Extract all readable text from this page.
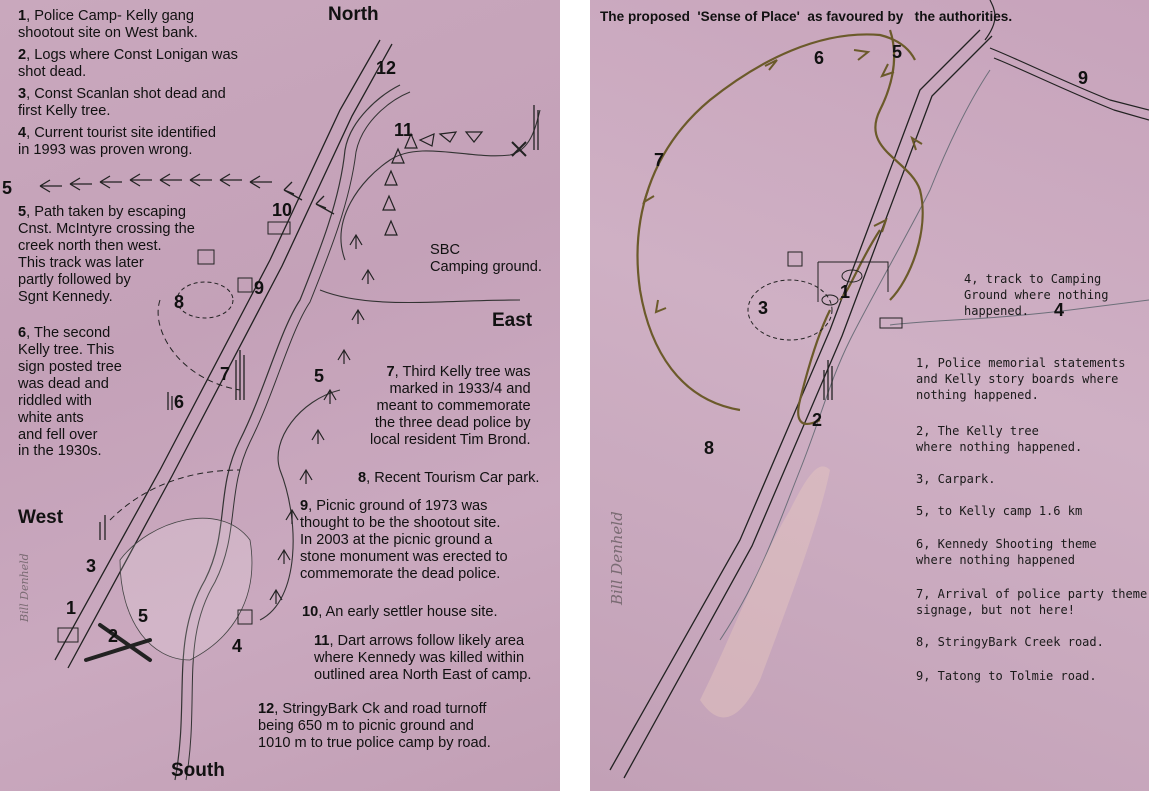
North
East
West
South
SBC
Camping ground.
12
11
10
9
8
7
6
5
5
3
1
2
5
4
1, Police Camp- Kelly gang
shootout site on West bank.
2, Logs where Const Lonigan was
shot dead.
3, Const Scanlan shot dead and
first Kelly tree.
4, Current tourist site identified
in 1993 was proven wrong.
5, Path taken by escaping
Cnst. McIntyre crossing the
creek north then west.
This track was later
partly followed by
Sgnt Kennedy.
6, The second
Kelly tree. This
sign posted tree
was dead and
riddled with
white ants
and fell over
in the 1930s.
7, Third Kelly tree was
marked in 1933/4 and
meant to commemorate
the three dead police by
local resident Tim Brond.
8, Recent Tourism Car park.
9, Picnic ground of 1973 was
thought to be the shootout site.
In 2003 at the picnic ground a
stone monument was erected to
commemorate the dead police.
10, An early settler house site.
11, Dart arrows follow likely area
where Kennedy was killed within
outlined area North East of camp.
12, StringyBark Ck and road turnoff
being 650 m to picnic ground and
1010 m to true police camp by road.
Bill Denheld
The proposed  'Sense of Place'  as favoured by   the authorities.
6	5
9
7
1
3	4
2
8
4, track to Camping
Ground where nothing
happened.
1, Police memorial statements
and Kelly story boards where
nothing happened.
2, The Kelly tree
where nothing happened.
3, Carpark.
5, to Kelly camp 1.6 km
6, Kennedy Shooting theme
where nothing happened
7, Arrival of police party theme
signage, but not here!
8, StringyBark Creek road.
9, Tatong to Tolmie road.
Bill Denheld
